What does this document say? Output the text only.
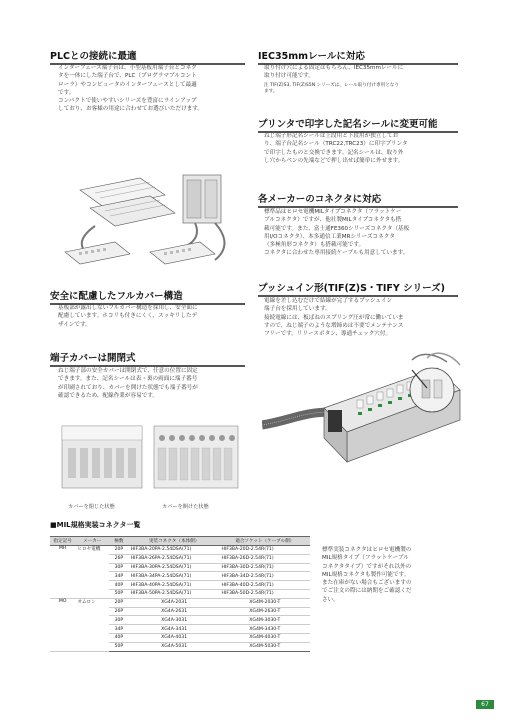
PLCとの接続に最適

インターフェース端子台は、小型基板用端子台とコネク

タを一体にした端子台で、PLC（プログラマブルコント

ローラ）やコンピュータのインターフェースとして最適

です。

コンパクトで使いやすいシリーズを豊富にラインアップ

しており、お客様の用途に合わせてお選びいただけます。

安全に配慮したフルカバー構造

基板部が露出しないフルカバー構造を採用し、安全面に

配慮しています。ホコリも付きにくく、スッキリしたデ

ザインです。

端子カバーは開閉式

ねじ端子部の安全カバーは開閉式で、任意の位置に固定

できます。また、記名シールは表・裏の両面に端子番号

が印刷されており、カバーを開けた状態でも端子番号が

確認できるため、配線作業が容易です。

カバーを閉じた状態	カバーを開けた状態
IEC35mmレールに対応

取り付け穴による固定はもちろん、IEC35mmレールに

取り付け可能です。

注 TIF(Z)S3, TIF(Z)S5N シリーズは、レール取り付け専用となり
ます。
プリンタで印字した記名シールに変更可能

ねじ端子形記名シールは上段用と下段用が独立してお

り、端子台記名シール（TRC22,TRC23）に印字プリンタ

で印字したものと交換できます。記名シールは、取り外

し穴からペンの先端などで押し出せば簡単に外せます。

各メーカーのコネクタに対応

標準品はヒロセ電機MILタイプコネクタ（フラットケー

ブルコネクタ）ですが、他社製MILタイプコネクタも搭

載可能です。また、富士通FE360シリーズコネクタ（基板

用I/Oコネクタ）、本多通信工業MRシリーズコネクタ

（多極角形コネクタ）も搭載可能です。

コネクタに合わせた専用接続ケーブルも用意しています。

プッシュイン形(TIF(Z)S・TIFY シリーズ)

電線を差し込むだけで結線が完了するプッシュイン

端子台を採用しています。

接続電線には、板ばねのスプリング圧が常に働いていま

すので、ねじ端子のような増締めは不要でメンテナンス

フリーです。リリースボタン、導通チェック穴付。

■MIL規格実装コネクタ一覧
指定記号	メーカー	極数	実装コネクタ（本体側）	適合ソケット（ケーブル側）
MH	ヒロセ電機	20P	HIF3BA-20PA-2.54DSA(71)	HIF3BA-20D-2.54R(71)
		26P	HIF3BA-26PA-2.54DSA(71)	HIF3BA-26D-2.54R(71)
		30P	HIF3BA-30PA-2.54DSA(71)	HIF3BA-30D-2.54R(71)
		34P	HIF3BA-34PA-2.54DSA(71)	HIF3BA-34D-2.54R(71)
		40P	HIF3BA-40PA-2.54DSA(71)	HIF3BA-40D-2.54R(71)
		50P	HIF3BA-50PA-2.54DSA(71)	HIF3BA-50D-2.54R(71)
MO	オムロン	20P	XG4A-2031	XG4M-2030-T
		26P	XG4A-2631	XG4M-2630-T
		30P	XG4A-3031	XG4M-3030-T
		34P	XG4A-3431	XG4M-3430-T
		40P	XG4A-4031	XG4M-4030-T
		50P	XG4A-5031	XG4M-5030-T
標準実装コネクタはヒロセ電機製の
MIL規格タイプ（フラットケーブル
コネクタタイプ）ですがそれ以外の
MIL規格コネクタも製作可能です。
また在庫がない場合もございますの
でご注文の際には納期をご確認くだ
さい。
67
